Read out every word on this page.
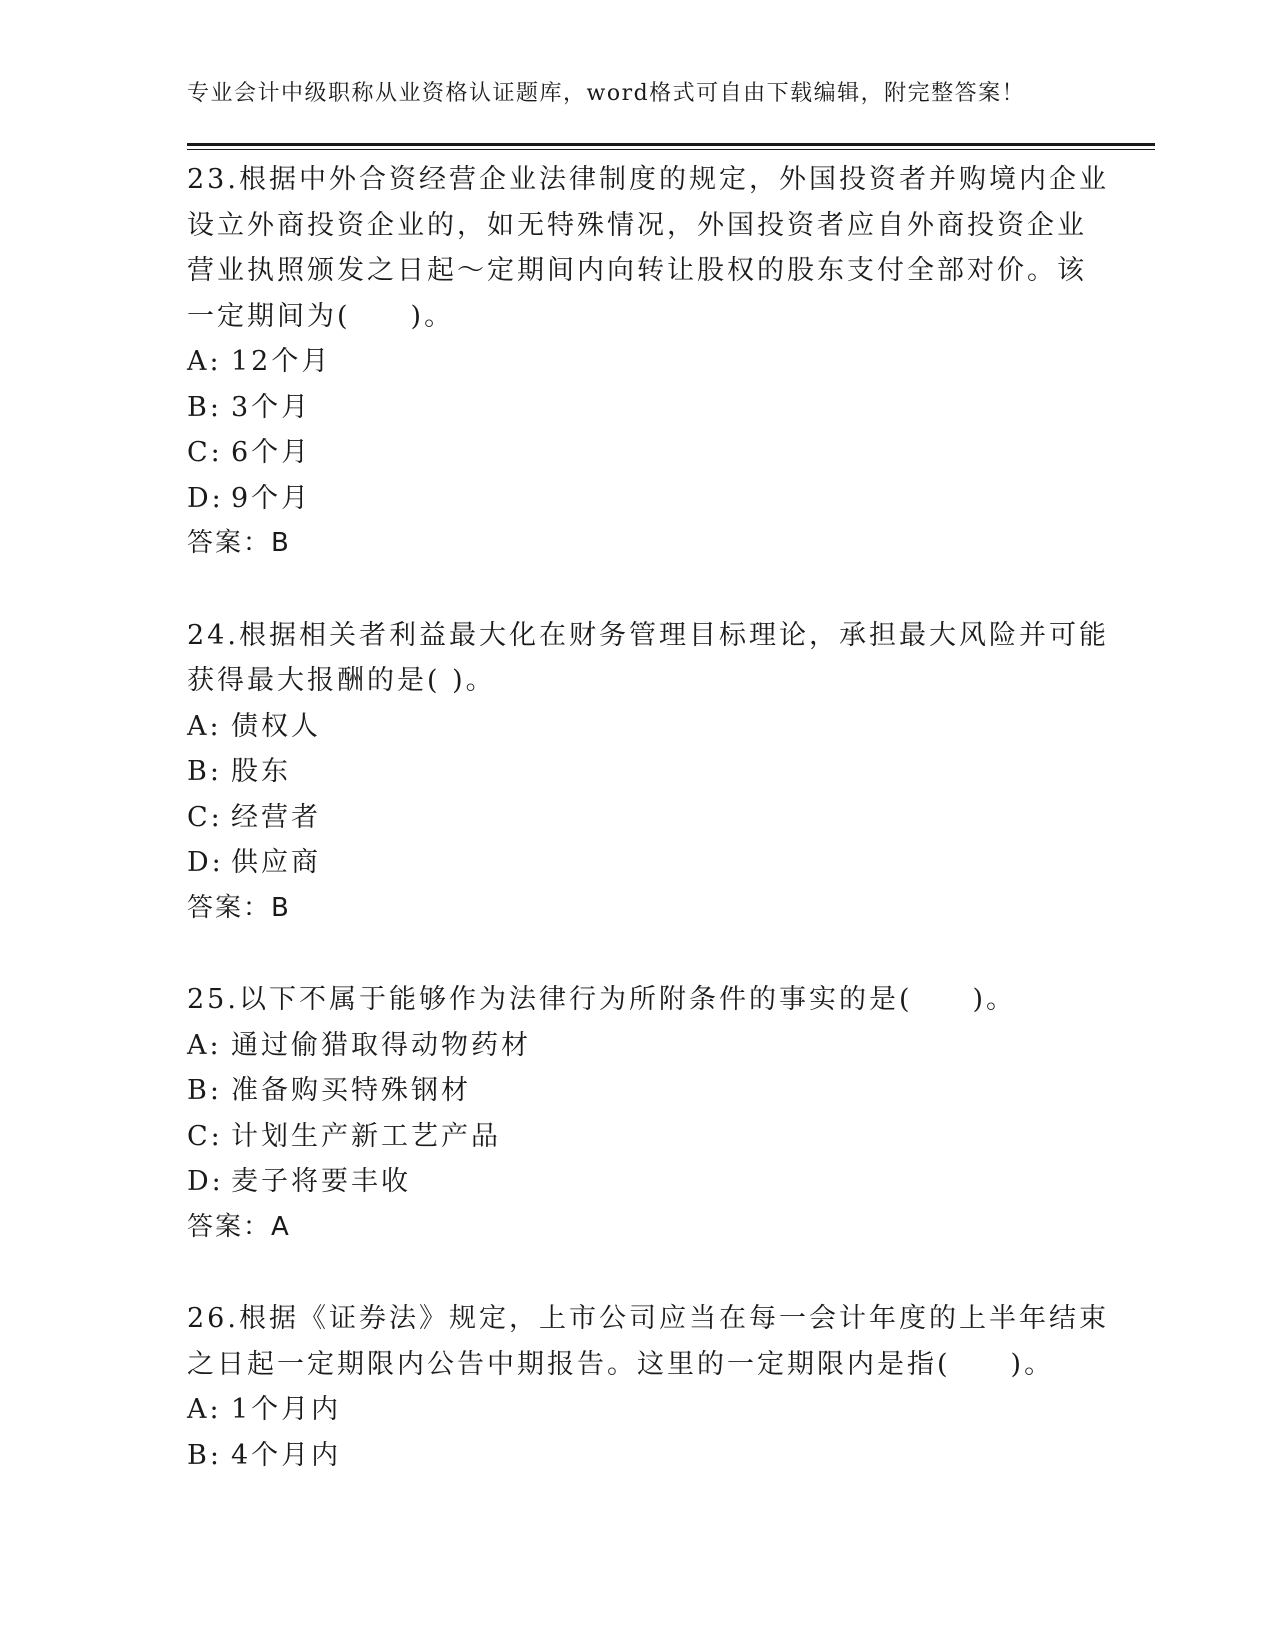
专业会计中级职称从业资格认证题库，word格式可自由下载编辑，附完整答案！
23.根据中外合资经营企业法律制度的规定，外国投资者并购境内企业
设立外商投资企业的，如无特殊情况，外国投资者应自外商投资企业
营业执照颁发之日起～定期间内向转让股权的股东支付全部对价。该
一定期间为(　　)。
A: 12个月
B: 3个月
C: 6个月
D: 9个月
答案：B
24.根据相关者利益最大化在财务管理目标理论，承担最大风险并可能
获得最大报酬的是( )。
A: 债权人
B: 股东
C: 经营者
D: 供应商
答案：B
25.以下不属于能够作为法律行为所附条件的事实的是(　　)。
A: 通过偷猎取得动物药材
B: 准备购买特殊钢材
C: 计划生产新工艺产品
D: 麦子将要丰收
答案：A
26.根据《证券法》规定，上市公司应当在每一会计年度的上半年结束
之日起一定期限内公告中期报告。这里的一定期限内是指(　　)。
A: 1个月内
B: 4个月内
